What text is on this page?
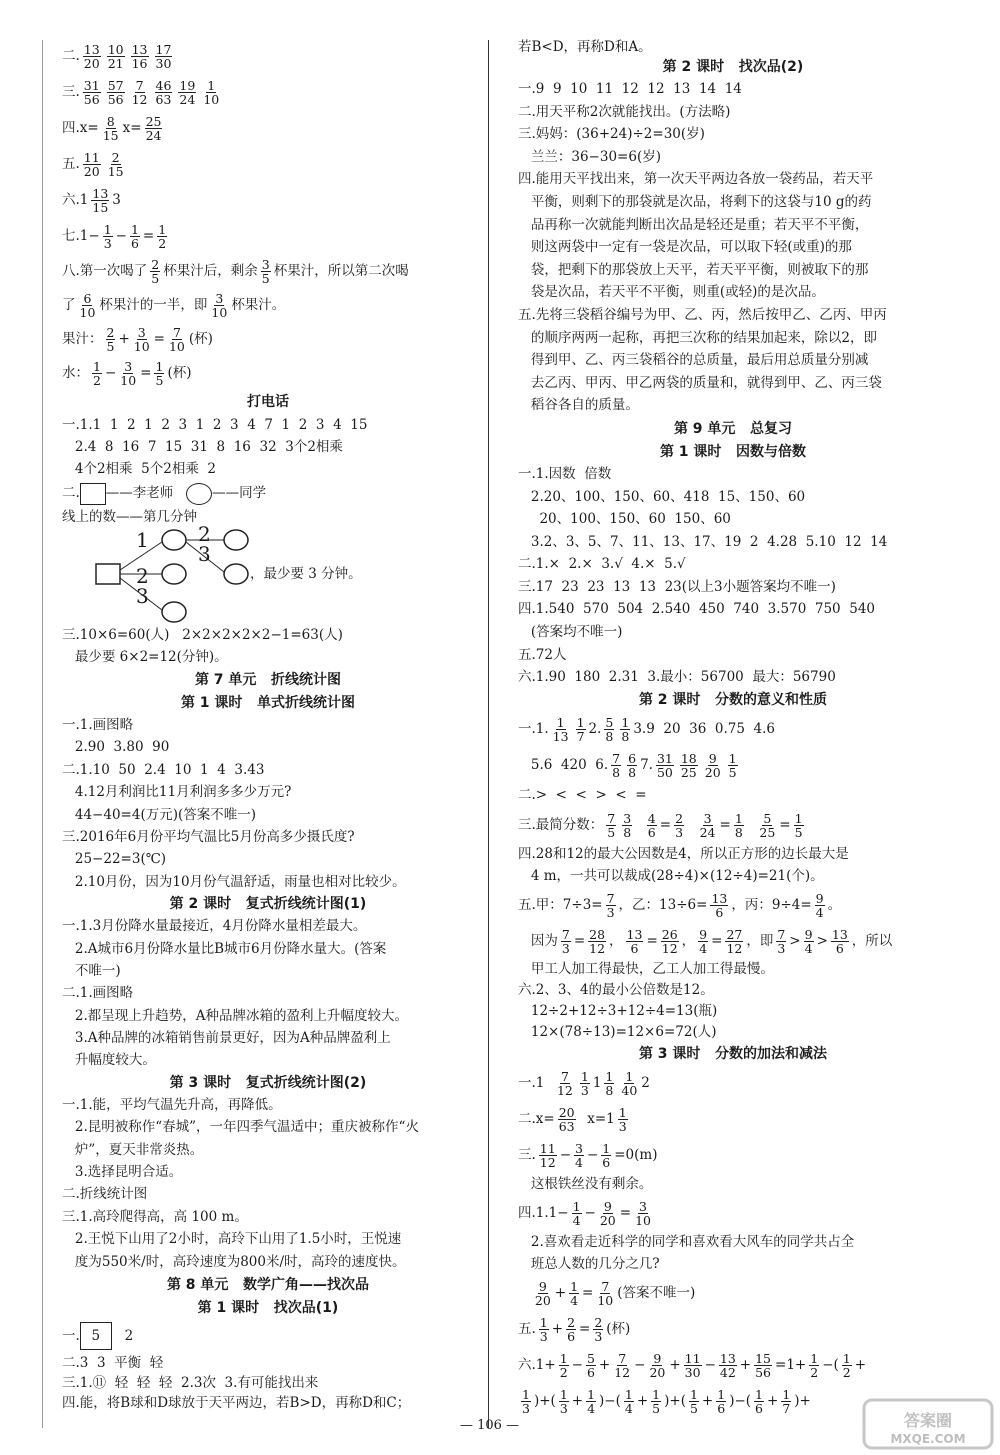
二. $\frac{13}{20} \frac{10}{21} \frac{13}{16} \frac{17}{30}$
三. $\frac{31}{56} \frac{57}{56} \frac{7}{12} \frac{46}{63} \frac{19}{24} \frac{1}{10}$
四$.x= \frac{8}{15} x= \frac{25}{24}$
五. $\frac{11}{20} \frac{2}{15}$
六$.1 \frac{13}{15} 3$
七$.1- \frac{1}{3} - \frac{1}{6} = \frac{1}{2}$
八.第一次喝了 $\frac{2}{5}$ 杯果汁后，剩余 $\frac{3}{5}$ 杯果汁，所以第二次喝
了 $\frac{6}{10}$ 杯果汁的一半，即 $\frac{3}{10}$ 杯果汁。
果汁： $\frac{2}{5} + \frac{3}{10} = \frac{7}{10}$ (杯)
水： $\frac{1}{2} - \frac{3}{10} = \frac{1}{5}$ (杯)
打电话
一.1.1  1  2  1  2  3  1  2  3  4  7  1  2  3  4  15
2.4  8  16  7  15  31  8  16  32  3个2相乘
4个2相乘  5个2相乘  2
二. ——李老师   ——同学
线上的数——第几分钟
1
2
3
2
3
，最少要 3 分钟。
三.10×6=60(人)   2×2×2×2×2−1=63(人)
最少要 6×2=12(分钟)。
第 7 单元   折线统计图
第 1 课时   单式折线统计图
一.1.画图略
2.90  3.80  90
二.1.10  50  2.4  10  1  4  3.43
4.12月利润比11月利润多多少万元?
44−40=4(万元)(答案不唯一)
三.2016年6月份平均气温比5月份高多少摄氏度?
25−22=3(℃)
2.10月份，因为10月份气温舒适，雨量也相对比较少。
第 2 课时   复式折线统计图(1)
一.1.3月份降水量最接近，4月份降水量相差最大。
2.A城市6月份降水量比B城市6月份降水量大。(答案
不唯一)
二.1.画图略
2.都呈现上升趋势，A种品牌冰箱的盈利上升幅度较大。
3.A种品牌的冰箱销售前景更好，因为A种品牌盈利上
升幅度较大。
第 3 课时   复式折线统计图(2)
一.1.能，平均气温先升高，再降低。
2.昆明被称作“春城”，一年四季气温适中；重庆被称作“火
炉”，夏天非常炎热。
3.选择昆明合适。
二.折线统计图
三.1.高玲爬得高，高 100 m。
2.王悦下山用了2小时，高玲下山用了1.5小时，王悦速
度为550米/时，高玲速度为800米/时，高玲的速度快。
第 8 单元   数学广角——找次品
第 1 课时   找次品(1)
一. 5   2
二.3  3  平衡  轻
三.1.⑪  轻  轻  轻  2.3次  3.有可能找出来
四.能，将B球和D球放于天平两边，若B>D，再称D和C；
若B<D，再称D和A。
第 2 课时   找次品(2)
一.9  9  10  11  12  12  13  14  14
二.用天平称2次就能找出。(方法略)
三.妈妈：(36+24)÷2=30(岁)
兰兰：36−30=6(岁)
四.能用天平找出来，第一次天平两边各放一袋药品，若天平
平衡，则剩下的那袋就是次品，将剩下的这袋与10 g的药
品再称一次就能判断出次品是轻还是重；若天平不平衡，
则这两袋中一定有一袋是次品，可以取下轻(或重)的那
袋，把剩下的那袋放上天平，若天平平衡，则被取下的那
袋是次品，若天平不平衡，则重(或轻)的是次品。
五.先将三袋稻谷编号为甲、乙、丙，然后按甲乙、乙丙、甲丙
的顺序两两一起称，再把三次称的结果加起来，除以2，即
得到甲、乙、丙三袋稻谷的总质量，最后用总质量分别减
去乙丙、甲丙、甲乙两袋的质量和，就得到甲、乙、丙三袋
稻谷各自的质量。
第 9 单元   总复习
第 1 课时   因数与倍数
一.1.因数  倍数
2.20、100、150、60、418  15、150、60
20、100、150、60  150、60
3.2、3、5、7、11、13、17、19  2  4.28  5.10  12  14
二.1.×  2.×  3.√  4.×  5.√
三.17  23  23  13  13  23(以上3小题答案均不唯一)
四.1.540  570  504  2.540  450  740  3.570  750  540
(答案均不唯一)
五.72人
六.1.90  180  2.31  3.最小：56700  最大：56790
第 2 课时   分数的意义和性质
一.1. $\frac{1}{13} \frac{1}{7} 2$. $\frac{5}{8} \frac{1}{8} 3.9$  20  36  0.75  4.6
5.6  420  6. $\frac{7}{8} \frac{6}{8} 7$. $\frac{31}{50} \frac{18}{25} \frac{9}{20} \frac{1}{5}$
二.>  <  <  >  <  =
三.最简分数： $\frac{7}{5} \frac{3}{8}$
$\frac{4}{6} = \frac{2}{3}$
$\frac{3}{24} = \frac{1}{8}$
$\frac{5}{25} = \frac{1}{5}$
四.28和12的最大公因数是4，所以正方形的边长最大是
4 m，一共可以裁成(28÷4)×(12÷4)=21(个)。
五.甲：$7\div 3= \frac{7}{3}$ ，乙：$13\div 6= \frac{13}{6}$ ，丙：$9\div 4= \frac{9}{4}$ 。
因为 $\frac{7}{3} = \frac{28}{12}$ ， $\frac{13}{6} = \frac{26}{12}$ ， $\frac{9}{4} = \frac{27}{12}$ ，即 $\frac{7}{3} > \frac{9}{4} > \frac{13}{6}$ ，所以
甲工人加工得最快，乙工人加工得最慢。
六.2、3、4的最小公倍数是12。
12÷2+12÷3+12÷4=13(瓶)
12×(78÷13)=12×6=72(人)
第 3 课时   分数的加法和减法
一$.1 \frac{7}{12} \frac{1}{3} 1 \frac{1}{8} \frac{1}{40} 2$
二$.x= \frac{20}{63} x=1 \frac{1}{3}$
三. $\frac{11}{12} - \frac{3}{4} - \frac{1}{6} =0(m)$
这根铁丝没有剩余。
四$.1.1- \frac{1}{4} - \frac{9}{20} = \frac{3}{10}$
2.喜欢看走近科学的同学和喜欢看大风车的同学共占全
班总人数的几分之几?

$\frac{9}{20} + \frac{1}{4} = \frac{7}{10}$ (答案不唯一)
五. $\frac{1}{3} + \frac{2}{6} = \frac{2}{3}$ (杯)
六$.1+ \frac{1}{2} - \frac{5}{6} + \frac{7}{12} - \frac{9}{20} + \frac{11}{30} - \frac{13}{42} + \frac{15}{56} =1+ \frac{1}{2}$ −( $\frac{1}{2}$ +
$\frac{1}{3}$ )+( $\frac{1}{3} + \frac{1}{4}$ )−( $\frac{1}{4} + \frac{1}{5}$ )+( $\frac{1}{5} + \frac{1}{6}$ )−( $\frac{1}{6} + \frac{1}{7}$ )+
— 106 —	答案圈
MXQE.COM
